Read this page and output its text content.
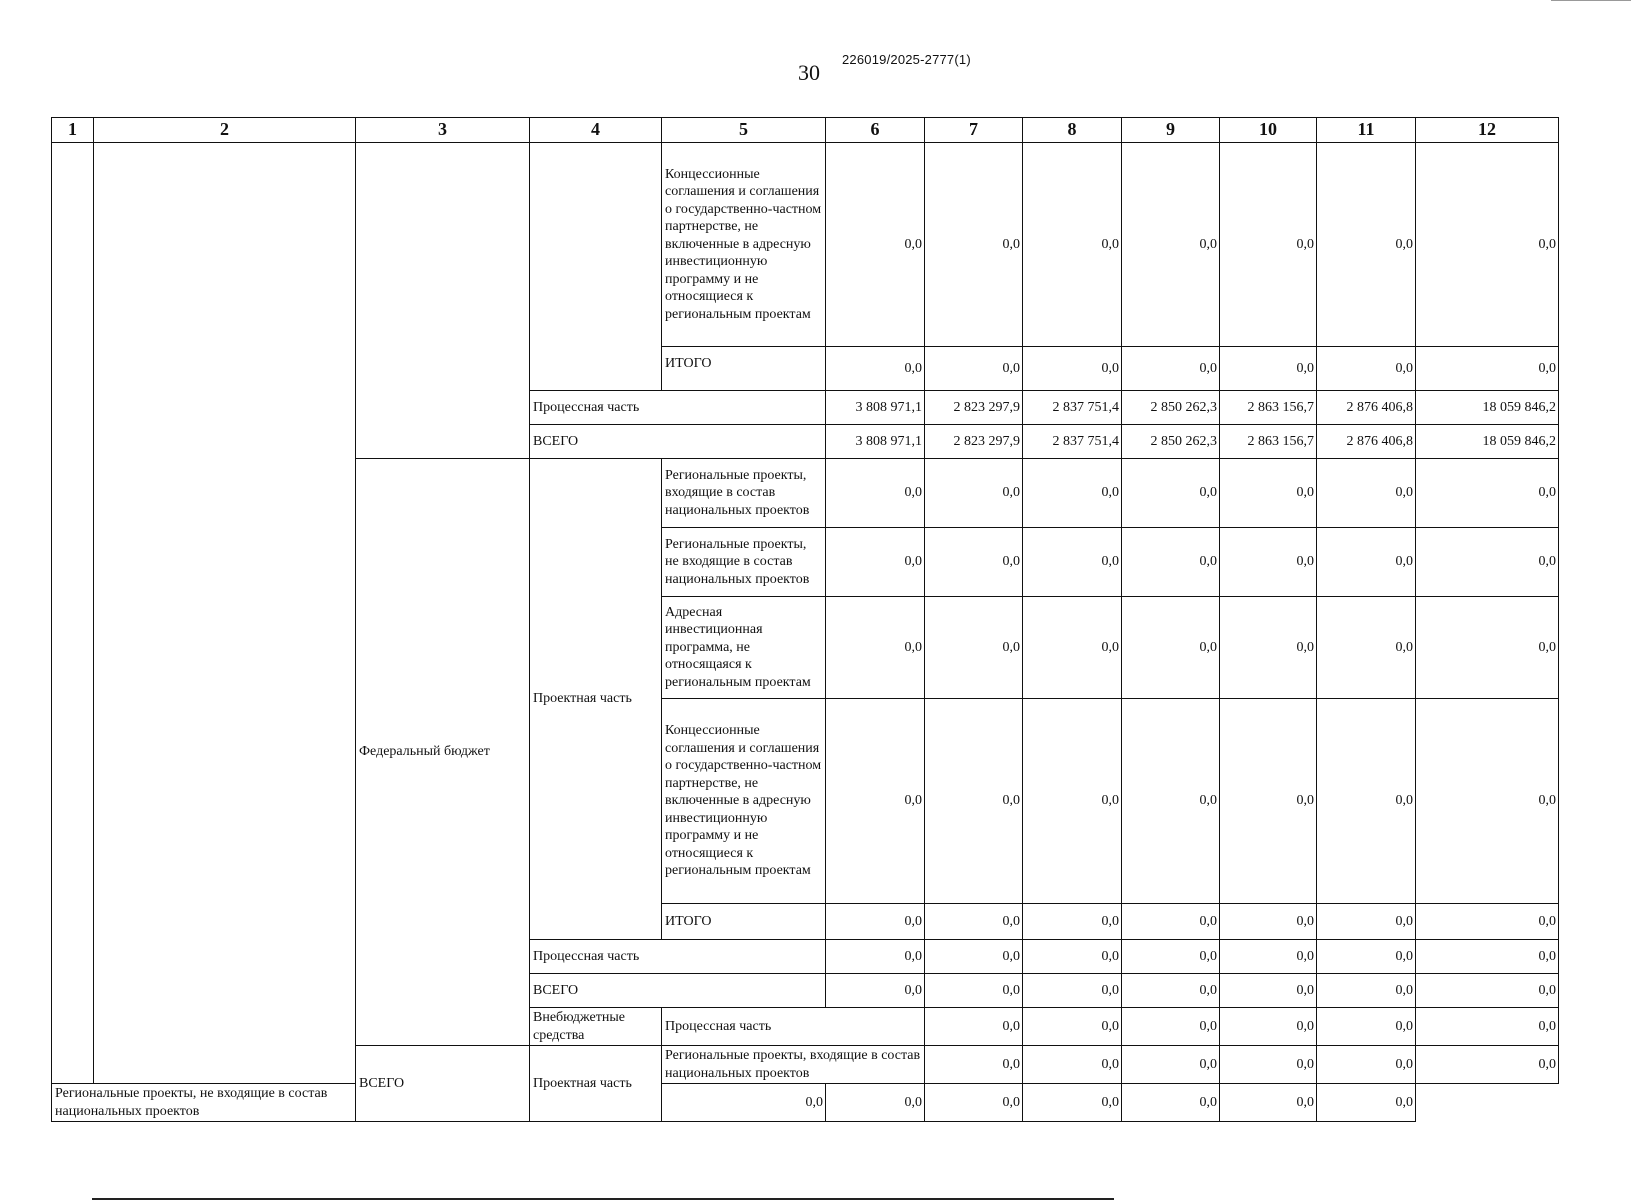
30
226019/2025-2777(1)
1	2	3	4	5	6	7	8	9	10	11	12	
				Концессионные соглашения и соглашения о государственно-частном партнерстве, не включенные в адресную инвестиционную программу и не относящиеся к региональным проектам	0,0	0,0	0,0	0,0	0,0	0,0	0,0	
				ИТОГО	0,0	0,0	0,0	0,0	0,0	0,0	0,0	
			Процессная часть		3 808 971,1	2 823 297,9	2 837 751,4	2 850 262,3	2 863 156,7	2 876 406,8	18 059 846,2	
			ВСЕГО		3 808 971,1	2 823 297,9	2 837 751,4	2 850 262,3	2 863 156,7	2 876 406,8	18 059 846,2	
		Федеральный бюджет	Проектная часть	Региональные проекты, входящие в состав национальных проектов	0,0	0,0	0,0	0,0	0,0	0,0	0,0	
				Региональные проекты, не входящие в состав национальных проектов	0,0	0,0	0,0	0,0	0,0	0,0	0,0	
				Адресная инвестиционная программа, не относящаяся к региональным проектам	0,0	0,0	0,0	0,0	0,0	0,0	0,0	
				Концессионные соглашения и соглашения о государственно-частном партнерстве, не включенные в адресную инвестиционную программу и не относящиеся к региональным проектам	0,0	0,0	0,0	0,0	0,0	0,0	0,0	
				ИТОГО	0,0	0,0	0,0	0,0	0,0	0,0	0,0	
			Процессная часть		0,0	0,0	0,0	0,0	0,0	0,0	0,0	
			ВСЕГО		0,0	0,0	0,0	0,0	0,0	0,0	0,0	
			Внебюджетные средства	Процессная часть		0,0	0,0	0,0	0,0	0,0	0,0	
		ВСЕГО	Проектная часть	Региональные проекты, входящие в состав национальных проектов		0,0	0,0	0,0	0,0	0,0	0,0	
Региональные проекты, не входящие в состав национальных проектов				0,0	0,0	0,0	0,0	0,0	0,0	0,0		
